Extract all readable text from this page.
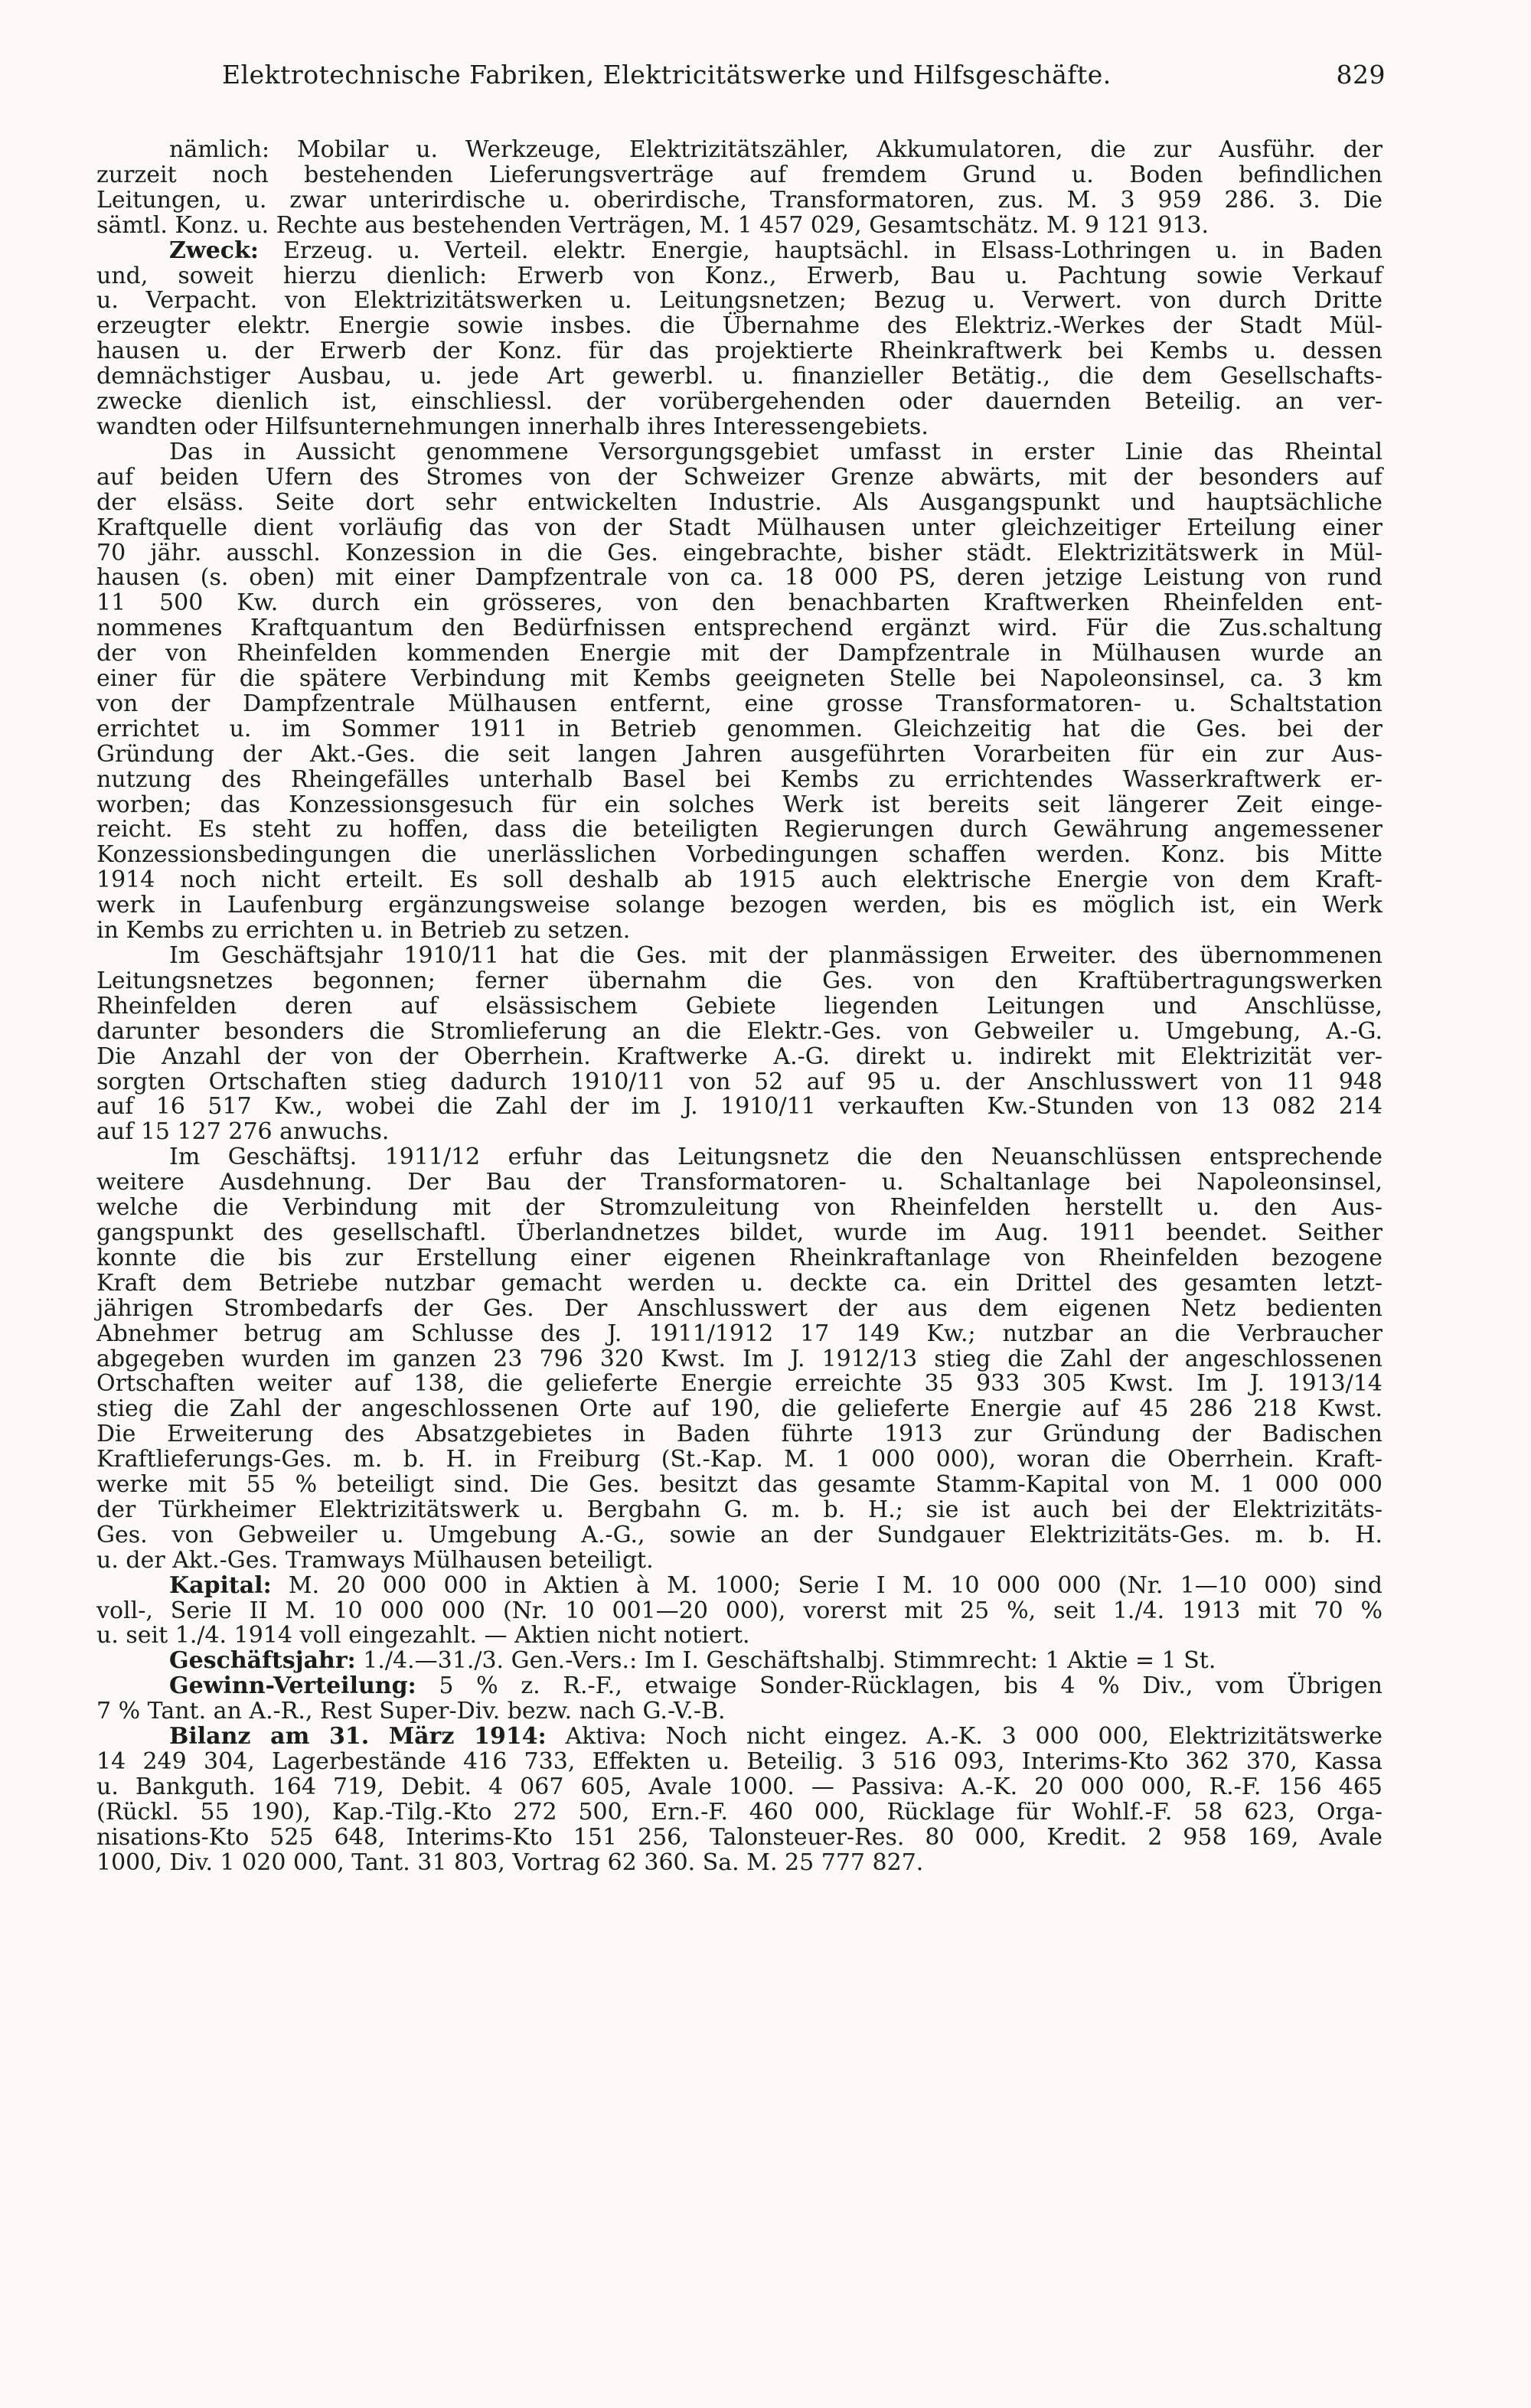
Elektrotechnische Fabriken, Elektricitätswerke und Hilfsgeschäfte.	829
nämlich: Mobilar u. Werkzeuge, Elektrizitätszähler, Akkumulatoren, die zur Ausführ. der
zurzeit noch bestehenden Lieferungsverträge auf fremdem Grund u. Boden befindlichen
Leitungen, u. zwar unterirdische u. oberirdische, Transformatoren, zus. M. 3 959 286. 3. Die
sämtl. Konz. u. Rechte aus bestehenden Verträgen, M. 1 457 029, Gesamtschätz. M. 9 121 913.
Zweck: Erzeug. u. Verteil. elektr. Energie, hauptsächl. in Elsass-Lothringen u. in Baden
und, soweit hierzu dienlich: Erwerb von Konz., Erwerb, Bau u. Pachtung sowie Verkauf
u. Verpacht. von Elektrizitätswerken u. Leitungsnetzen; Bezug u. Verwert. von durch Dritte
erzeugter elektr. Energie sowie insbes. die Übernahme des Elektriz.-Werkes der Stadt Mül-
hausen u. der Erwerb der Konz. für das projektierte Rheinkraftwerk bei Kembs u. dessen
demnächstiger Ausbau, u. jede Art gewerbl. u. finanzieller Betätig., die dem Gesellschafts-
zwecke dienlich ist, einschliessl. der vorübergehenden oder dauernden Beteilig. an ver-
wandten oder Hilfsunternehmungen innerhalb ihres Interessengebiets.
Das in Aussicht genommene Versorgungsgebiet umfasst in erster Linie das Rheintal
auf beiden Ufern des Stromes von der Schweizer Grenze abwärts, mit der besonders auf
der elsäss. Seite dort sehr entwickelten Industrie. Als Ausgangspunkt und hauptsächliche
Kraftquelle dient vorläufig das von der Stadt Mülhausen unter gleichzeitiger Erteilung einer
70 jähr. ausschl. Konzession in die Ges. eingebrachte, bisher städt. Elektrizitätswerk in Mül-
hausen (s. oben) mit einer Dampfzentrale von ca. 18 000 PS, deren jetzige Leistung von rund
11 500 Kw. durch ein grösseres, von den benachbarten Kraftwerken Rheinfelden ent-
nommenes Kraftquantum den Bedürfnissen entsprechend ergänzt wird. Für die Zus.schaltung
der von Rheinfelden kommenden Energie mit der Dampfzentrale in Mülhausen wurde an
einer für die spätere Verbindung mit Kembs geeigneten Stelle bei Napoleonsinsel, ca. 3 km
von der Dampfzentrale Mülhausen entfernt, eine grosse Transformatoren- u. Schaltstation
errichtet u. im Sommer 1911 in Betrieb genommen. Gleichzeitig hat die Ges. bei der
Gründung der Akt.-Ges. die seit langen Jahren ausgeführten Vorarbeiten für ein zur Aus-
nutzung des Rheingefälles unterhalb Basel bei Kembs zu errichtendes Wasserkraftwerk er-
worben; das Konzessionsgesuch für ein solches Werk ist bereits seit längerer Zeit einge-
reicht. Es steht zu hoffen, dass die beteiligten Regierungen durch Gewährung angemessener
Konzessionsbedingungen die unerlässlichen Vorbedingungen schaffen werden. Konz. bis Mitte
1914 noch nicht erteilt. Es soll deshalb ab 1915 auch elektrische Energie von dem Kraft-
werk in Laufenburg ergänzungsweise solange bezogen werden, bis es möglich ist, ein Werk
in Kembs zu errichten u. in Betrieb zu setzen.
Im Geschäftsjahr 1910/11 hat die Ges. mit der planmässigen Erweiter. des übernommenen
Leitungsnetzes begonnen; ferner übernahm die Ges. von den Kraftübertragungswerken
Rheinfelden deren auf elsässischem Gebiete liegenden Leitungen und Anschlüsse,
darunter besonders die Stromlieferung an die Elektr.-Ges. von Gebweiler u. Umgebung, A.-G.
Die Anzahl der von der Oberrhein. Kraftwerke A.-G. direkt u. indirekt mit Elektrizität ver-
sorgten Ortschaften stieg dadurch 1910/11 von 52 auf 95 u. der Anschlusswert von 11 948
auf 16 517 Kw., wobei die Zahl der im J. 1910/11 verkauften Kw.-Stunden von 13 082 214
auf 15 127 276 anwuchs.
Im Geschäftsj. 1911/12 erfuhr das Leitungsnetz die den Neuanschlüssen entsprechende
weitere Ausdehnung. Der Bau der Transformatoren- u. Schaltanlage bei Napoleonsinsel,
welche die Verbindung mit der Stromzuleitung von Rheinfelden herstellt u. den Aus-
gangspunkt des gesellschaftl. Überlandnetzes bildet, wurde im Aug. 1911 beendet. Seither
konnte die bis zur Erstellung einer eigenen Rheinkraftanlage von Rheinfelden bezogene
Kraft dem Betriebe nutzbar gemacht werden u. deckte ca. ein Drittel des gesamten letzt-
jährigen Strombedarfs der Ges. Der Anschlusswert der aus dem eigenen Netz bedienten
Abnehmer betrug am Schlusse des J. 1911/1912 17 149 Kw.; nutzbar an die Verbraucher
abgegeben wurden im ganzen 23 796 320 Kwst. Im J. 1912/13 stieg die Zahl der angeschlossenen
Ortschaften weiter auf 138, die gelieferte Energie erreichte 35 933 305 Kwst. Im J. 1913/14
stieg die Zahl der angeschlossenen Orte auf 190, die gelieferte Energie auf 45 286 218 Kwst.
Die Erweiterung des Absatzgebietes in Baden führte 1913 zur Gründung der Badischen
Kraftlieferungs-Ges. m. b. H. in Freiburg (St.-Kap. M. 1 000 000), woran die Oberrhein. Kraft-
werke mit 55 % beteiligt sind. Die Ges. besitzt das gesamte Stamm-Kapital von M. 1 000 000
der Türkheimer Elektrizitätswerk u. Bergbahn G. m. b. H.; sie ist auch bei der Elektrizitäts-
Ges. von Gebweiler u. Umgebung A.-G., sowie an der Sundgauer Elektrizitäts-Ges. m. b. H.
u. der Akt.-Ges. Tramways Mülhausen beteiligt.
Kapital: M. 20 000 000 in Aktien à M. 1000; Serie I M. 10 000 000 (Nr. 1—10 000) sind
voll-, Serie II M. 10 000 000 (Nr. 10 001—20 000), vorerst mit 25 %, seit 1./4. 1913 mit 70 %
u. seit 1./4. 1914 voll eingezahlt. — Aktien nicht notiert.
Geschäftsjahr: 1./4.—31./3. Gen.-Vers.: Im I. Geschäftshalbj. Stimmrecht: 1 Aktie = 1 St.
Gewinn-Verteilung: 5 % z. R.-F., etwaige Sonder-Rücklagen, bis 4 % Div., vom Übrigen
7 % Tant. an A.-R., Rest Super-Div. bezw. nach G.-V.-B.
Bilanz am 31. März 1914: Aktiva: Noch nicht eingez. A.-K. 3 000 000, Elektrizitätswerke
14 249 304, Lagerbestände 416 733, Effekten u. Beteilig. 3 516 093, Interims-Kto 362 370, Kassa
u. Bankguth. 164 719, Debit. 4 067 605, Avale 1000. — Passiva: A.-K. 20 000 000, R.-F. 156 465
(Rückl. 55 190), Kap.-Tilg.-Kto 272 500, Ern.-F. 460 000, Rücklage für Wohlf.-F. 58 623, Orga-
nisations-Kto 525 648, Interims-Kto 151 256, Talonsteuer-Res. 80 000, Kredit. 2 958 169, Avale
1000, Div. 1 020 000, Tant. 31 803, Vortrag 62 360. Sa. M. 25 777 827.
